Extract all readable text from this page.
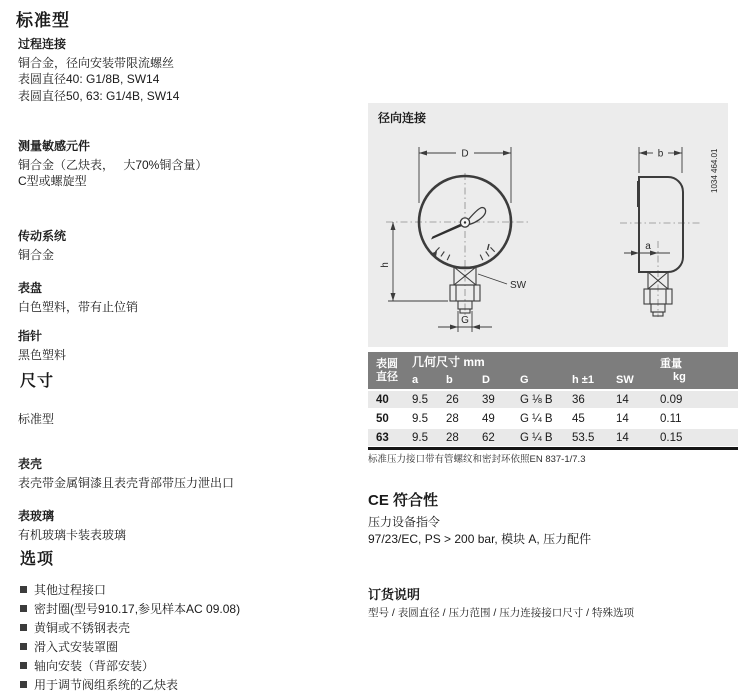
标准型
过程连接
铜合金，径向安装带限流螺丝
表圆直径40: G1/8B, SW14
表圆直径50, 63: G1/4B, SW14
测量敏感元件
铜合金（乙炔表，　 大70%铜含量）
C型或螺旋型
传动系统
铜合金
表盘
白色塑料，带有止位销
指针
黑色塑料
尺寸
标准型
表壳
表壳带金属铜漆且表壳背部带压力泄出口
表玻璃
有机玻璃卡装表玻璃
选项
其他过程接口
密封圈(型号910.17,参见样本AC 09.08)
黄铜或不锈钢表壳
滑入式安装罩圈
轴向安装（背部安装）
用于调节阀组系统的乙炔表
径向连接
D	b
h
a
G
SW
1034 464.01
表圆
直径
几何尺寸 mm	重量
kg
a	b	D	G	h ±1	SW
40	9.5	26	39	G ⅛ B	36	14	0.09
50	9.5	28	49	G ¼ B	45	14	0.11
63	9.5	28	62	G ¼ B	53.5	14	0.15
标准压力接口带有管螺纹和密封环依照EN 837-1/7.3
CE 符合性
压力设备指令
97/23/EC, PS > 200 bar, 模块 A, 压力配件
订货说明
型号 / 表圆直径 / 压力范围 / 压力连接接口尺寸 / 特殊选项
